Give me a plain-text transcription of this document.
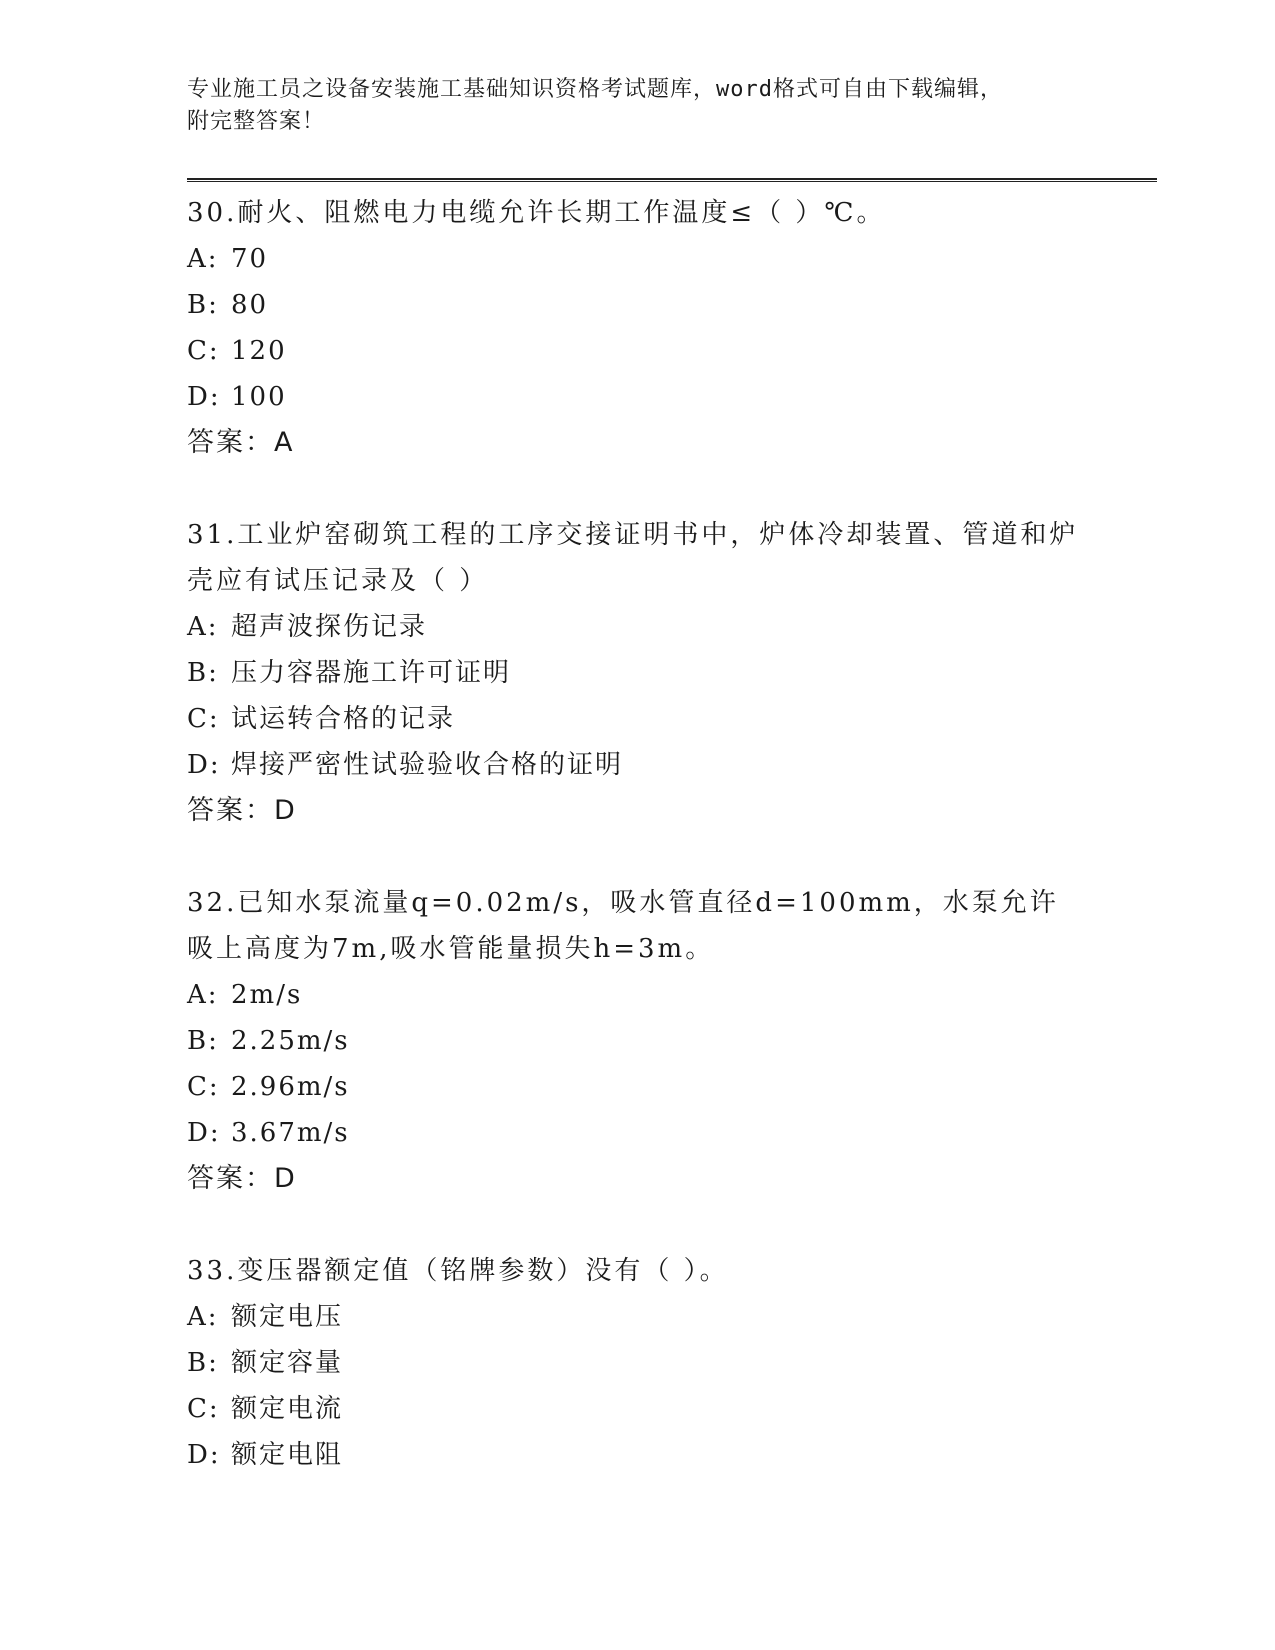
专业施工员之设备安装施工基础知识资格考试题库，word格式可自由下载编辑，
附完整答案！
30.耐火、阻燃电力电缆允许长期工作温度≤（ ）℃。
A: 70
B: 80
C: 120
D: 100
答案：A
31.工业炉窑砌筑工程的工序交接证明书中，炉体冷却装置、管道和炉壳应有试压记录及（ ）
A: 超声波探伤记录
B: 压力容器施工许可证明
C: 试运转合格的记录
D: 焊接严密性试验验收合格的证明
答案：D
32.已知水泵流量q=0.02m/s，吸水管直径d=100mm，水泵允许吸上高度为7m,吸水管能量损失h=3m。
A: 2m/s
B: 2.25m/s
C: 2.96m/s
D: 3.67m/s
答案：D
33.变压器额定值（铭牌参数）没有（ ）。
A: 额定电压
B: 额定容量
C: 额定电流
D: 额定电阻
